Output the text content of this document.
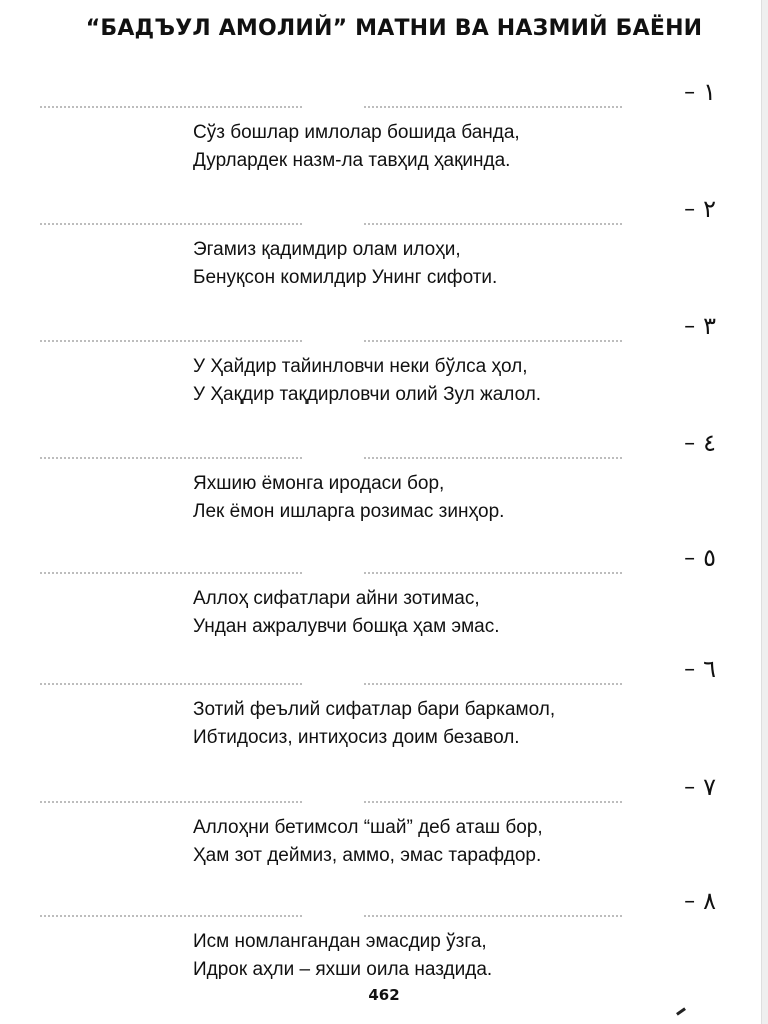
“БАДЪУЛ АМОЛИЙ” МАТНИ ВА НАЗМИЙ БАЁНИ
– ١
Сўз бошлар имлолар бошида банда,
Дурлардек назм-ла тавҳид ҳақинда.
– ٢
Эгамиз қадимдир олам илоҳи,
Бенуқсон комилдир Унинг сифоти.
– ٣
У Ҳайдир тайинловчи неки бўлса ҳол,
У Ҳақдир тақдирловчи олий Зул жалол.
– ٤
Яхшию ёмонга иродаси бор,
Лек ёмон ишларга розимас зинҳор.
– ٥
Аллоҳ сифатлари айни зотимас,
Ундан ажралувчи бошқа ҳам эмас.
– ٦
Зотий феълий сифатлар бари баркамол,
Ибтидосиз, интиҳосиз доим безавол.
– ٧
Аллоҳни бетимсол “шай” деб аташ бор,
Ҳам зот деймиз, аммо, эмас тарафдор.
– ٨
Исм номлангандан эмасдир ўзга,
Идрок аҳли – яхши оила наздида.
462
